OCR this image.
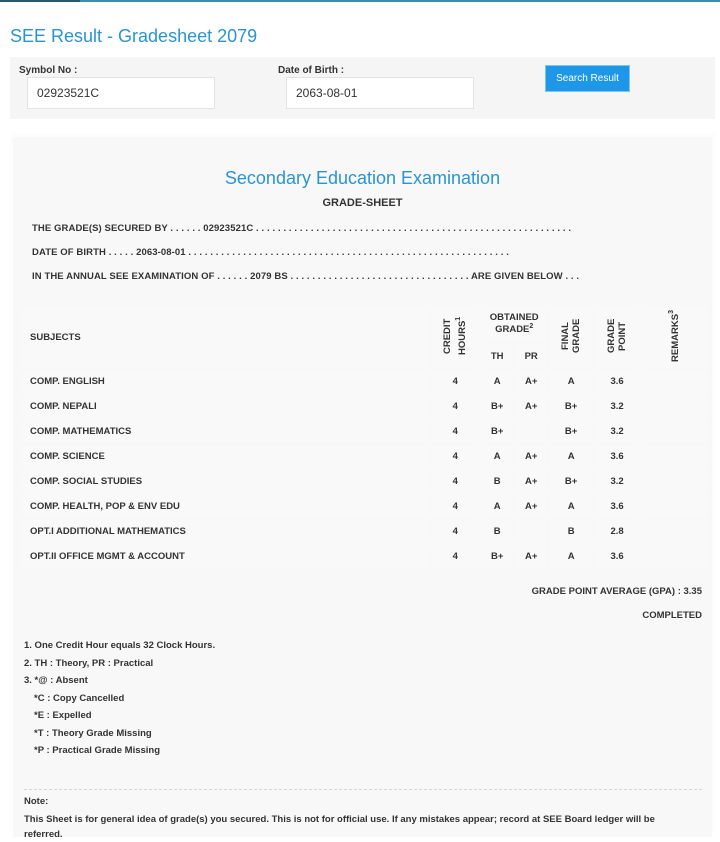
SEE Result - Gradesheet 2079
Symbol No :
02923521C
Date of Birth :
2063-08-01
Search Result
Secondary Education Examination
GRADE-SHEET
THE GRADE(S) SECURED BY . . . . . . 02923521C . . . . . . . . . . . . . . . . . . . . . . . . . . . . . . . . . . . . . . . . . . . . . . . . . . . . . . . . . .
DATE OF BIRTH . . . . . 2063-08-01 . . . . . . . . . . . . . . . . . . . . . . . . . . . . . . . . . . . . . . . . . . . . . . . . . . . . . . . . . . .
IN THE ANNUAL SEE EXAMINATION OF . . . . . . 2079 BS . . . . . . . . . . . . . . . . . . . . . . . . . . . . . . . . . ARE GIVEN BELOW . . .
SUBJECTS	CREDIT HOURS$^1$	OBTAINED GRADE$^2$		FINAL GRADE	GRADE POINT	REMARKS$^3$
		TH	PR			
COMP. ENGLISH	4	A	A+	A	3.6	
COMP. NEPALI	4	B+	A+	B+	3.2	
COMP. MATHEMATICS	4	B+		B+	3.2	
COMP. SCIENCE	4	A	A+	A	3.6	
COMP. SOCIAL STUDIES	4	B	A+	B+	3.2	
COMP. HEALTH, POP & ENV EDU	4	A	A+	A	3.6	
OPT.I ADDITIONAL MATHEMATICS	4	B		B	2.8	
OPT.II OFFICE MGMT & ACCOUNT	4	B+	A+	A	3.6	
GRADE POINT AVERAGE (GPA) : 3.35
COMPLETED
1. One Credit Hour equals 32 Clock Hours.
2. TH : Theory, PR : Practical
3. *@ : Absent
*C : Copy Cancelled
*E : Expelled
*T : Theory Grade Missing
*P : Practical Grade Missing
Note:
This Sheet is for general idea of grade(s) you secured. This is not for official use. If any mistakes appear; record at SEE Board ledger will be referred.
